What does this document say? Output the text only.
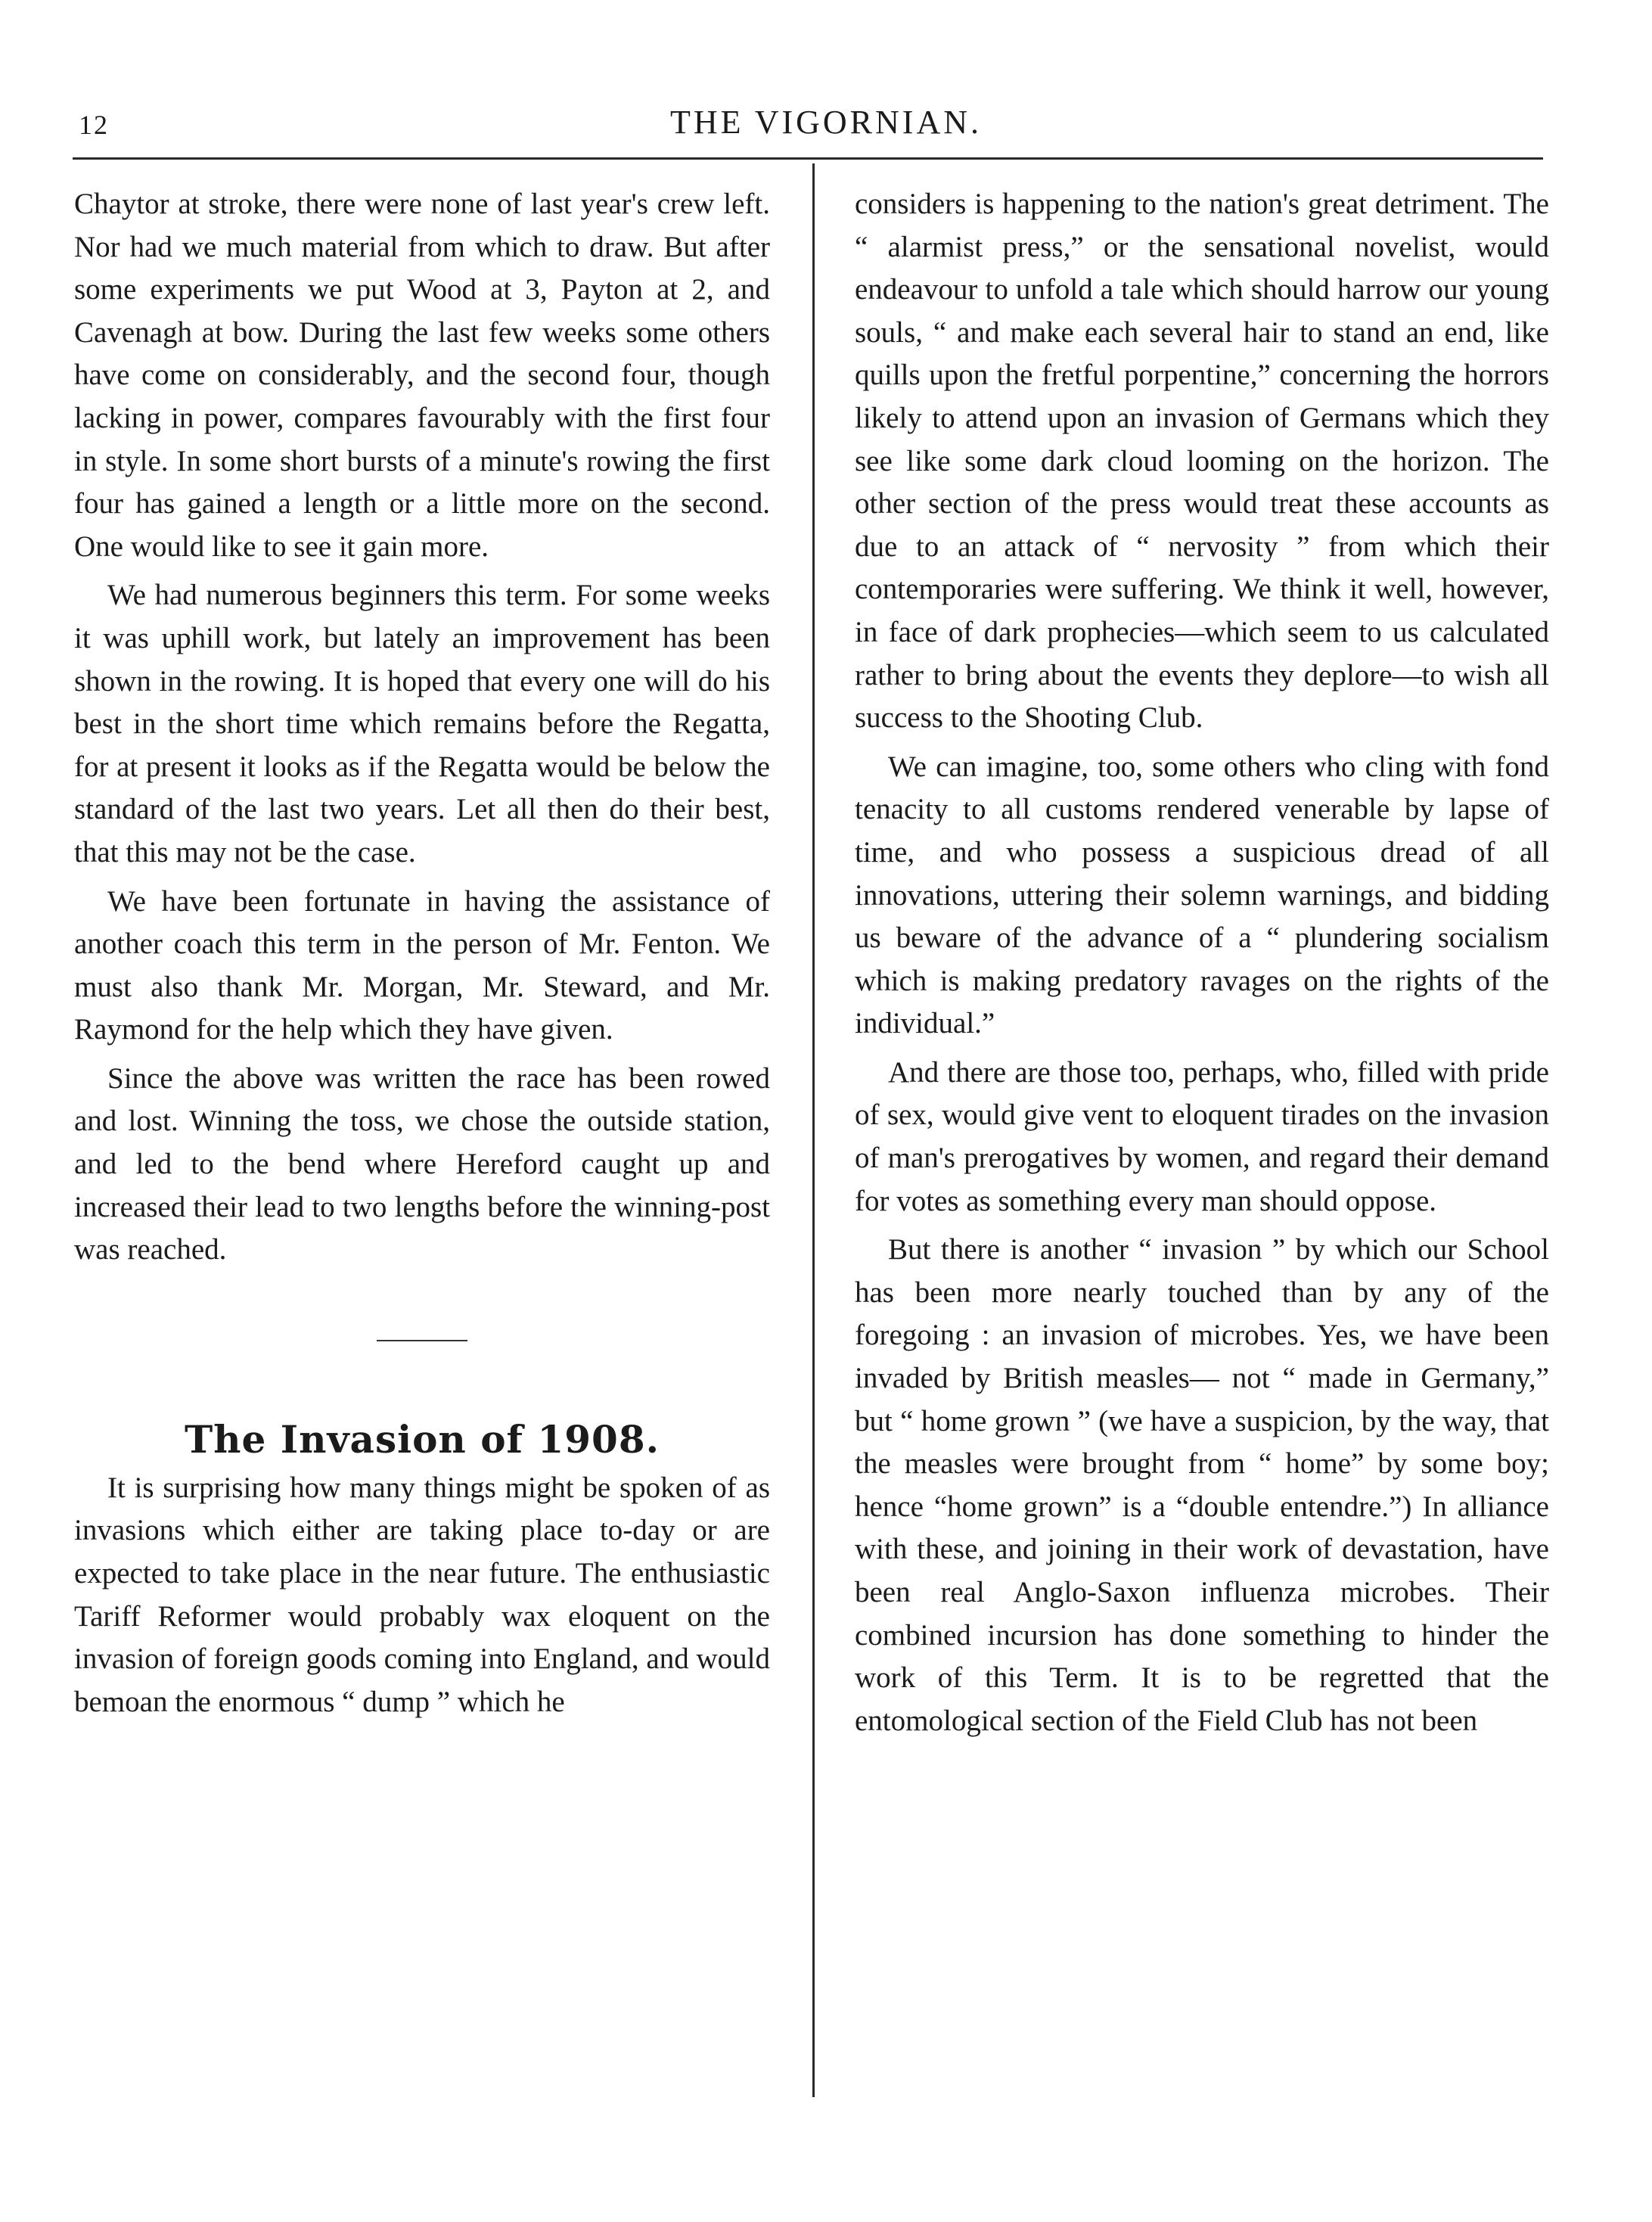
12	THE VIGORNIAN.

Chaytor at stroke, there were none of last year's crew left. Nor had we much material from which to draw. But after some experiments we put Wood at 3, Payton at 2, and Cavenagh at bow. During the last few weeks some others have come on considerably, and the second four, though lacking in power, compares favourably with the first four in style. In some short bursts of a minute's rowing the first four has gained a length or a little more on the second. One would like to see it gain more.

We had numerous beginners this term. For some weeks it was uphill work, but lately an improvement has been shown in the rowing. It is hoped that every one will do his best in the short time which remains before the Regatta, for at present it looks as if the Regatta would be below the standard of the last two years. Let all then do their best, that this may not be the case.

We have been fortunate in having the assistance of another coach this term in the person of Mr. Fenton. We must also thank Mr. Morgan, Mr. Steward, and Mr. Raymond for the help which they have given.

Since the above was written the race has been rowed and lost. Winning the toss, we chose the outside station, and led to the bend where Hereford caught up and increased their lead to two lengths before the winning-post was reached.

The Invasion of 1908.

It is surprising how many things might be spoken of as invasions which either are taking place to-day or are expected to take place in the near future. The enthusiastic Tariff Reformer would probably wax eloquent on the invasion of foreign goods coming into England, and would bemoan the enormous “ dump ” which he

considers is happening to the nation's great detriment. The “ alarmist press,” or the sensational novelist, would endeavour to unfold a tale which should harrow our young souls, “ and make each several hair to stand an end, like quills upon the fretful porpentine,” concerning the horrors likely to attend upon an invasion of Germans which they see like some dark cloud looming on the horizon. The other section of the press would treat these accounts as due to an attack of “ nervosity ” from which their contemporaries were suffering. We think it well, however, in face of dark prophecies—which seem to us calculated rather to bring about the events they deplore—to wish all success to the Shooting Club.

We can imagine, too, some others who cling with fond tenacity to all customs rendered venerable by lapse of time, and who possess a suspicious dread of all innovations, uttering their solemn warnings, and bidding us beware of the advance of a “ plundering socialism which is making predatory ravages on the rights of the individual.”

And there are those too, perhaps, who, filled with pride of sex, would give vent to eloquent tirades on the invasion of man's prerogatives by women, and regard their demand for votes as something every man should oppose.

But there is another “ invasion ” by which our School has been more nearly touched than by any of the foregoing : an invasion of microbes. Yes, we have been invaded by British measles— not “ made in Germany,” but “ home grown ” (we have a suspicion, by the way, that the measles were brought from “ home” by some boy; hence “home grown” is a “double entendre.”) In alliance with these, and joining in their work of devastation, have been real Anglo-Saxon influenza microbes. Their combined incursion has done something to hinder the work of this Term. It is to be regretted that the entomological section of the Field Club has not been
